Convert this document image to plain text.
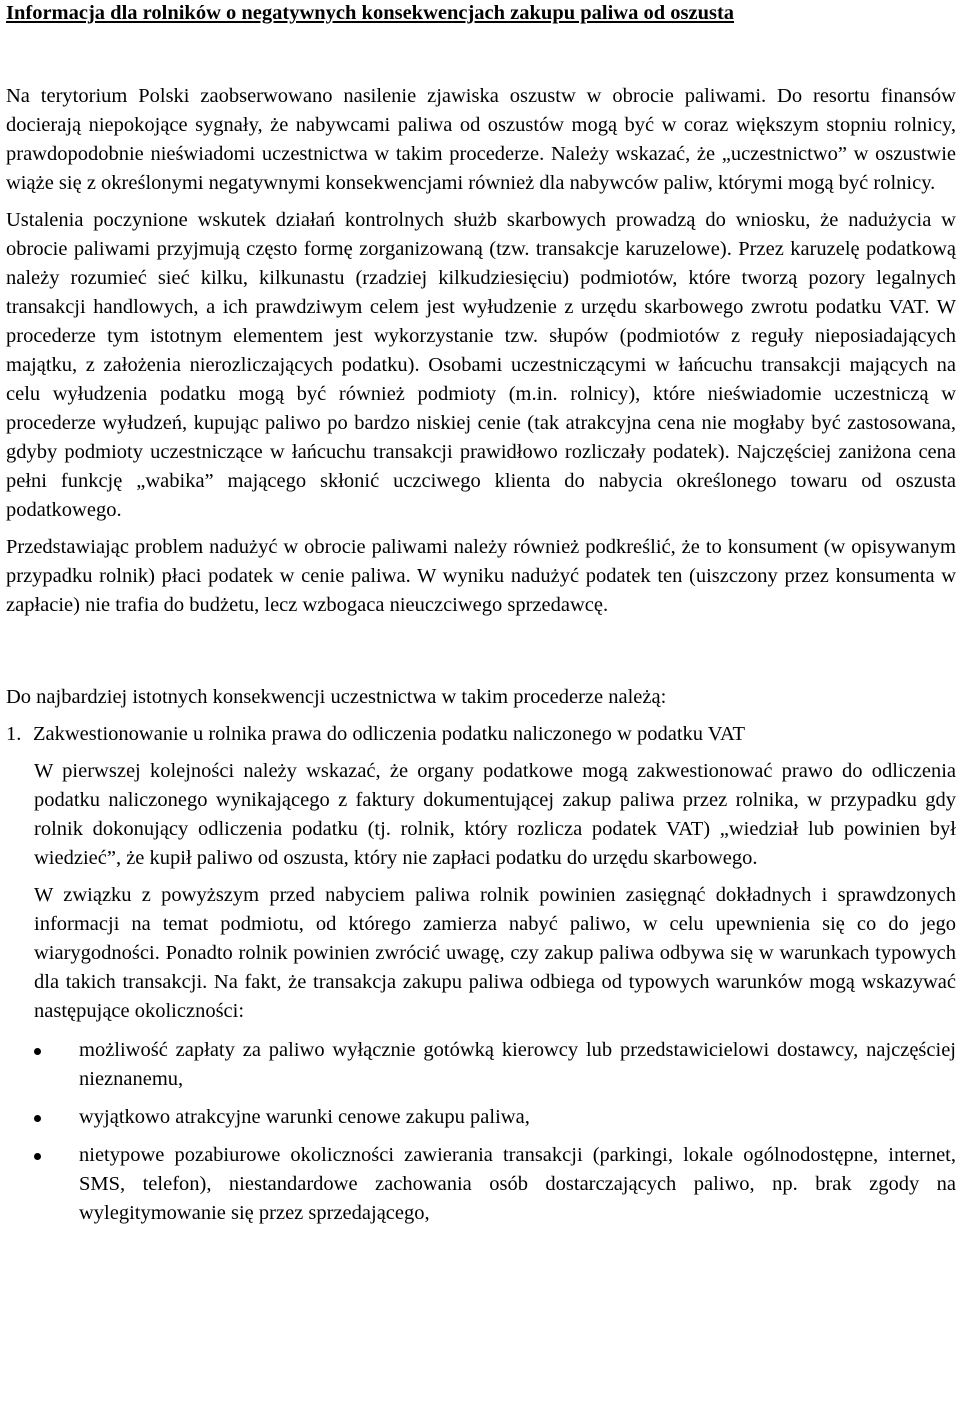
Informacja dla rolników o negatywnych konsekwencjach zakupu paliwa od oszusta

Na terytorium Polski zaobserwowano nasilenie zjawiska oszustw w obrocie paliwami. Do resortu finansów docierają niepokojące sygnały, że nabywcami paliwa od oszustów mogą być w coraz większym stopniu rolnicy, prawdopodobnie nieświadomi uczestnictwa w takim procederze. Należy wskazać, że „uczestnictwo” w oszustwie wiąże się z określonymi negatywnymi konsekwencjami również dla nabywców paliw, którymi mogą być rolnicy.

Ustalenia poczynione wskutek działań kontrolnych służb skarbowych prowadzą do wniosku, że nadużycia w obrocie paliwami przyjmują często formę zorganizowaną (tzw. transakcje karuzelowe). Przez karuzelę podatkową należy rozumieć sieć kilku, kilkunastu (rzadziej kilkudziesięciu) podmiotów, które tworzą pozory legalnych transakcji handlowych, a ich prawdziwym celem jest wyłudzenie z urzędu skarbowego zwrotu podatku VAT. W procederze tym istotnym elementem jest wykorzystanie tzw. słupów (podmiotów z reguły nieposiadających majątku, z założenia nierozliczających podatku). Osobami uczestniczącymi w łańcuchu transakcji mających na celu wyłudzenia podatku mogą być również podmioty (m.in. rolnicy), które nieświadomie uczestniczą w procederze wyłudzeń, kupując paliwo po bardzo niskiej cenie (tak atrakcyjna cena nie mogłaby być zastosowana, gdyby podmioty uczestniczące w łańcuchu transakcji prawidłowo rozliczały podatek). Najczęściej zaniżona cena pełni funkcję „wabika” mającego skłonić uczciwego klienta do nabycia określonego towaru od oszusta podatkowego.

Przedstawiając problem nadużyć w obrocie paliwami należy również podkreślić, że to konsument (w opisywanym przypadku rolnik) płaci podatek w cenie paliwa. W wyniku nadużyć podatek ten (uiszczony przez konsumenta w zapłacie) nie trafia do budżetu, lecz wzbogaca nieuczciwego sprzedawcę.

Do najbardziej istotnych konsekwencji uczestnictwa w takim procederze należą:

1. Zakwestionowanie u rolnika prawa do odliczenia podatku naliczonego w podatku VAT

W pierwszej kolejności należy wskazać, że organy podatkowe mogą zakwestionować prawo do odliczenia podatku naliczonego wynikającego z faktury dokumentującej zakup paliwa przez rolnika, w przypadku gdy rolnik dokonujący odliczenia podatku (tj. rolnik, który rozlicza podatek VAT) „wiedział lub powinien był wiedzieć”, że kupił paliwo od oszusta, który nie zapłaci podatku do urzędu skarbowego.

W związku z powyższym przed nabyciem paliwa rolnik powinien zasięgnąć dokładnych i sprawdzonych informacji na temat podmiotu, od którego zamierza nabyć paliwo, w celu upewnienia się co do jego wiarygodności. Ponadto rolnik powinien zwrócić uwagę, czy zakup paliwa odbywa się w warunkach typowych dla takich transakcji. Na fakt, że transakcja zakupu paliwa odbiega od typowych warunków mogą wskazywać następujące okoliczności:

możliwość zapłaty za paliwo wyłącznie gotówką kierowcy lub przedstawicielowi dostawcy, najczęściej nieznanemu,
wyjątkowo atrakcyjne warunki cenowe zakupu paliwa,
nietypowe pozabiurowe okoliczności zawierania transakcji (parkingi, lokale ogólnodostępne, internet, SMS, telefon), niestandardowe zachowania osób dostarczających paliwo, np. brak zgody na wylegitymowanie się przez sprzedającego,
